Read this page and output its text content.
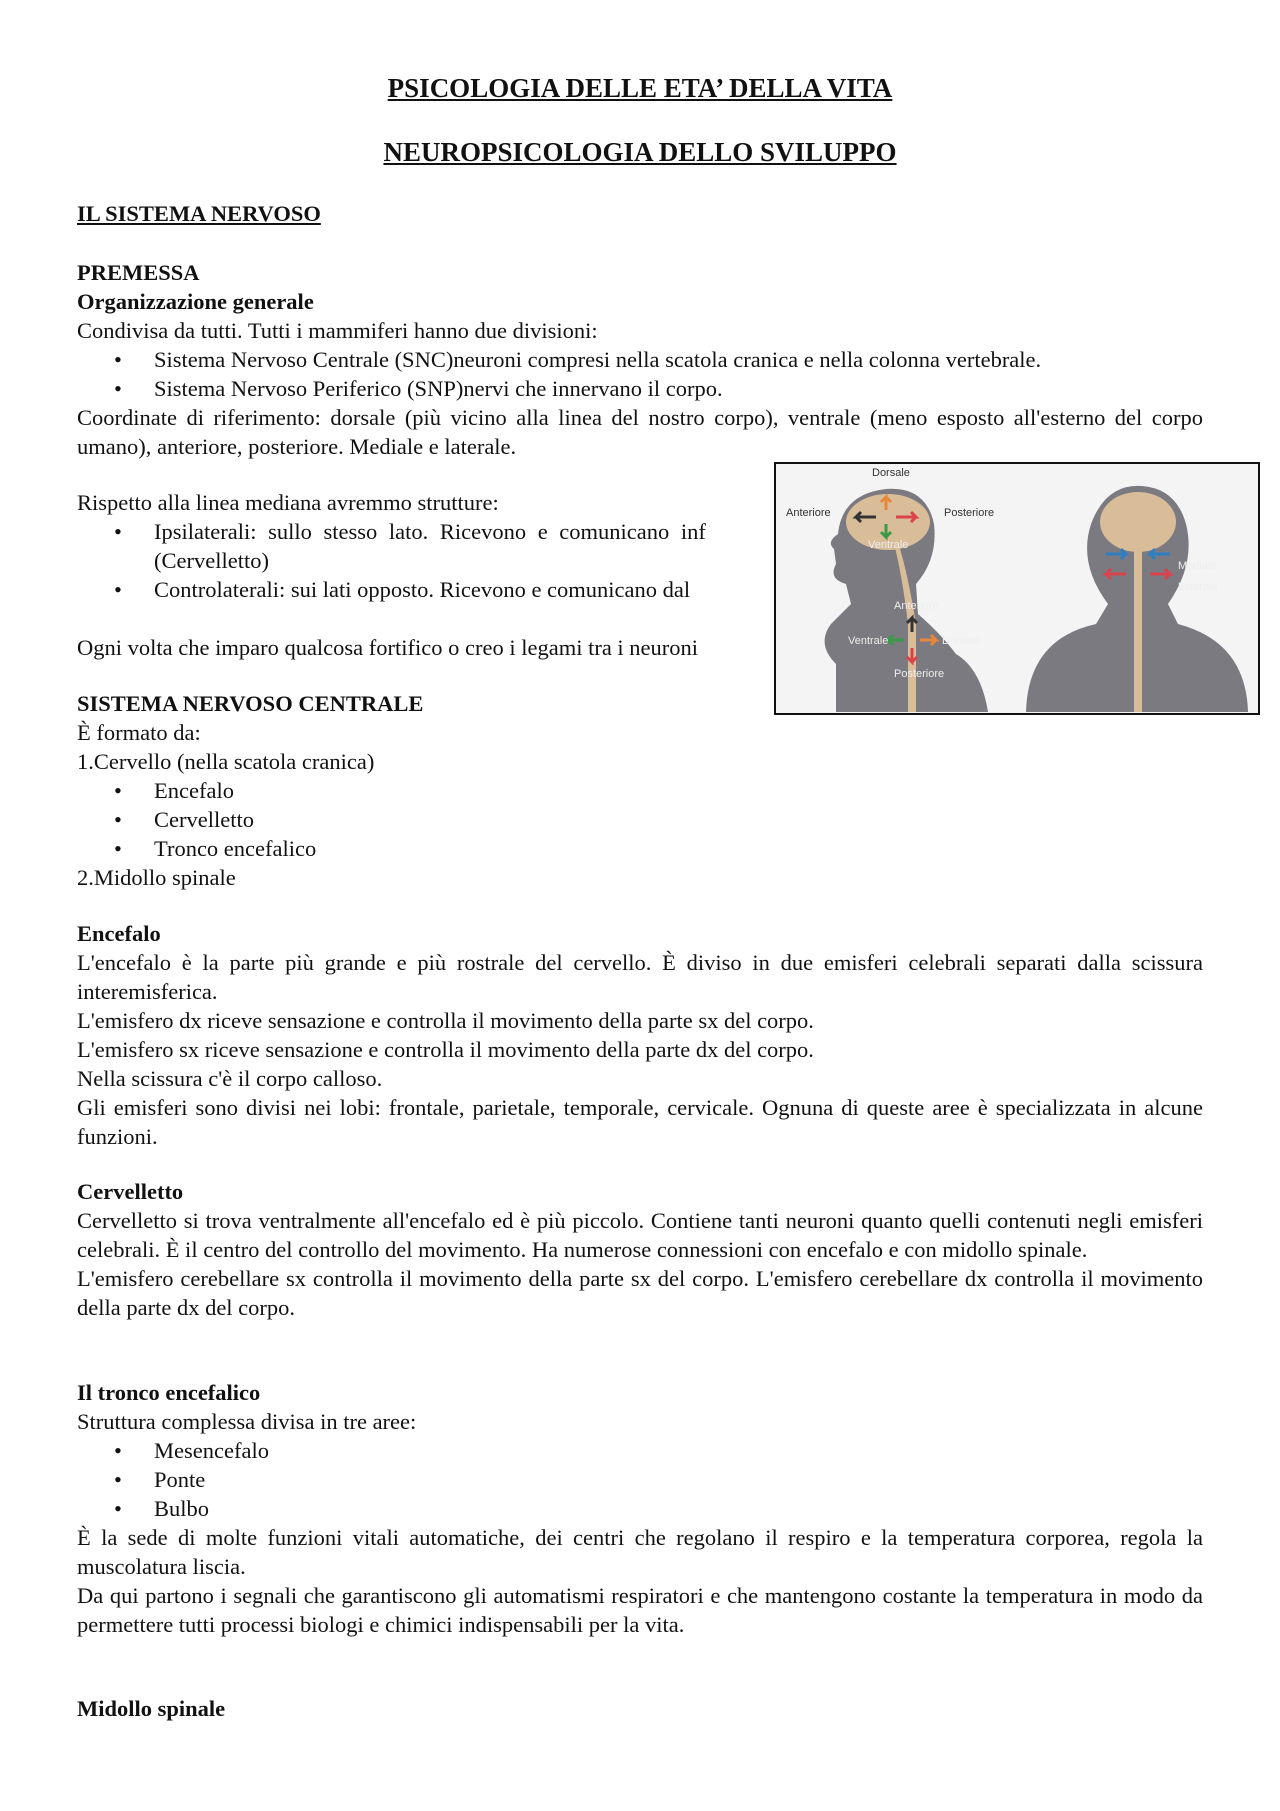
PSICOLOGIA DELLE ETA’ DELLA VITA
NEUROPSICOLOGIA DELLO SVILUPPO
IL SISTEMA NERVOSO
PREMESSA
Organizzazione generale
Condivisa da tutti. Tutti i mammiferi hanno due divisioni:
• Sistema Nervoso Centrale (SNC)neuroni compresi nella scatola cranica e nella colonna vertebrale.
• Sistema Nervoso Periferico (SNP)nervi che innervano il corpo.
Coordinate di riferimento: dorsale (più vicino alla linea del nostro corpo), ventrale (meno esposto all'esterno del corpo umano), anteriore, posteriore. Mediale e laterale.
Rispetto alla linea mediana avremmo strutture:
• Ipsilaterali: sullo stesso lato. Ricevono e comunicano inf
(Cervelletto)
• Controlaterali: sui lati opposto. Ricevono e comunicano dal
Ogni volta che imparo qualcosa fortifico o creo i legami tra i neuroni
SISTEMA NERVOSO CENTRALE
È formato da:
1.Cervello (nella scatola cranica)
• Encefalo
• Cervelletto
• Tronco encefalico
2.Midollo spinale
Encefalo
L'encefalo è la parte più grande e più rostrale del cervello. È diviso in due emisferi celebrali separati dalla scissura interemisferica.
L'emisfero dx riceve sensazione e controlla il movimento della parte sx del corpo.
L'emisfero sx riceve sensazione e controlla il movimento della parte dx del corpo.
Nella scissura c'è il corpo calloso.
Gli emisferi sono divisi nei lobi: frontale, parietale, temporale, cervicale. Ognuna di queste aree è specializzata in alcune funzioni.
Cervelletto
Cervelletto si trova ventralmente all'encefalo ed è più piccolo. Contiene tanti neuroni quanto quelli contenuti negli emisferi celebrali. È il centro del controllo del movimento. Ha numerose connessioni con encefalo e con midollo spinale.
L'emisfero cerebellare sx controlla il movimento della parte sx del corpo. L'emisfero cerebellare dx controlla il movimento della parte dx del corpo.
Il tronco encefalico
Struttura complessa divisa in tre aree:
• Mesencefalo
• Ponte
• Bulbo
È la sede di molte funzioni vitali automatiche, dei centri che regolano il respiro e la temperatura corporea, regola la muscolatura liscia.
Da qui partono i segnali che garantiscono gli automatismi respiratori e che mantengono costante la temperatura in modo da permettere tutti processi biologi e chimici indispensabili per la vita.
Midollo spinale
Dorsale
Anteriore	Posteriore
Ventrale
Anteriore
Ventrale	Dorsale
Posteriore
Mediale
Laterale
